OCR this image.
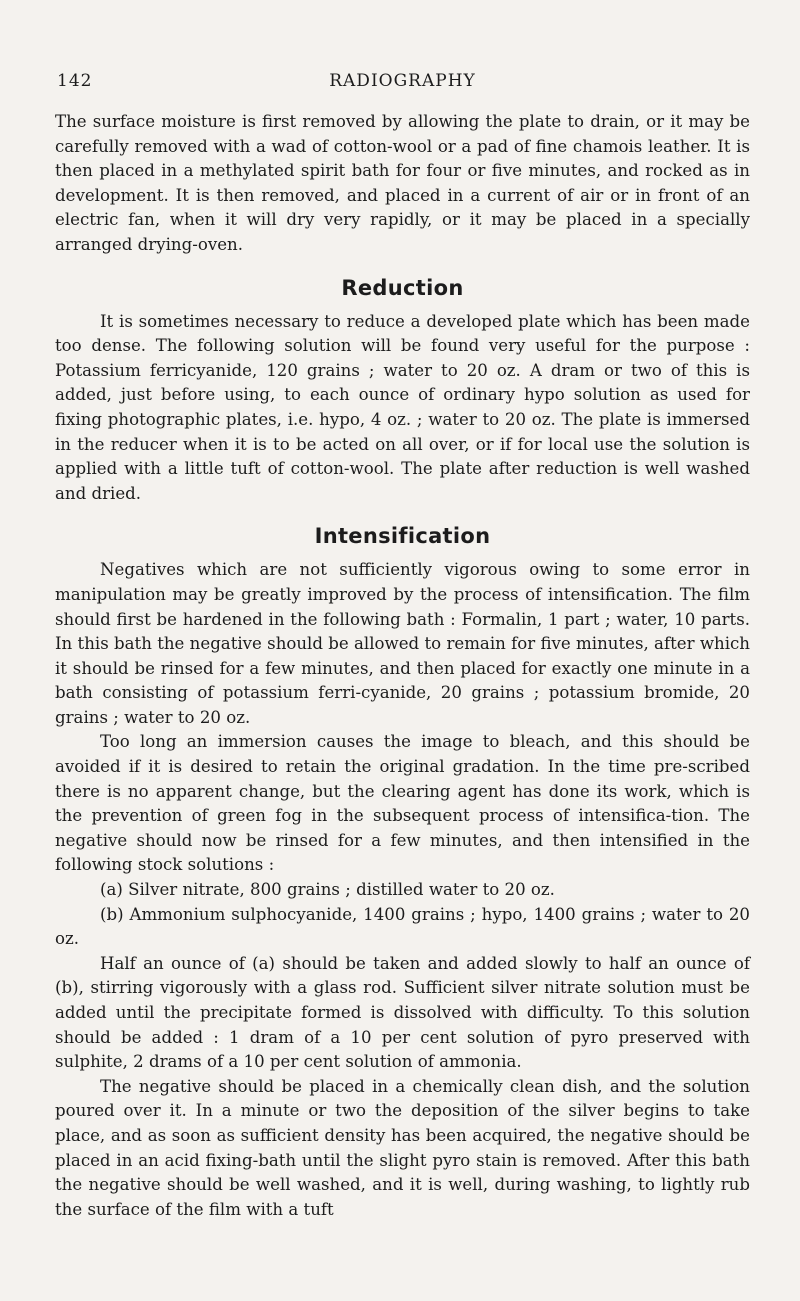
142	RADIOGRAPHY

The surface moisture is first removed by allowing the plate to drain, or it may be carefully removed with a wad of cotton-wool or a pad of fine chamois leather. It is then placed in a methylated spirit bath for four or five minutes, and rocked as in development. It is then removed, and placed in a current of air or in front of an electric fan, when it will dry very rapidly, or it may be placed in a specially arranged drying-oven.

Reduction

It is sometimes necessary to reduce a developed plate which has been made too dense. The following solution will be found very useful for the purpose : Potassium ferricyanide, 120 grains ; water to 20 oz. A dram or two of this is added, just before using, to each ounce of ordinary hypo solution as used for fixing photographic plates, i.e. hypo, 4 oz. ; water to 20 oz. The plate is immersed in the reducer when it is to be acted on all over, or if for local use the solution is applied with a little tuft of cotton-wool. The plate after reduction is well washed and dried.

Intensification

Negatives which are not sufficiently vigorous owing to some error in manipulation may be greatly improved by the process of intensification. The film should first be hardened in the following bath : Formalin, 1 part ; water, 10 parts. In this bath the negative should be allowed to remain for five minutes, after which it should be rinsed for a few minutes, and then placed for exactly one minute in a bath consisting of potassium ferri-cyanide, 20 grains ; potassium bromide, 20 grains ; water to 20 oz.

Too long an immersion causes the image to bleach, and this should be avoided if it is desired to retain the original gradation. In the time pre-scribed there is no apparent change, but the clearing agent has done its work, which is the prevention of green fog in the subsequent process of intensifica-tion. The negative should now be rinsed for a few minutes, and then intensified in the following stock solutions :

(a) Silver nitrate, 800 grains ; distilled water to 20 oz.

(b) Ammonium sulphocyanide, 1400 grains ; hypo, 1400 grains ; water to 20 oz.

Half an ounce of (a) should be taken and added slowly to half an ounce of (b), stirring vigorously with a glass rod. Sufficient silver nitrate solution must be added until the precipitate formed is dissolved with difficulty. To this solution should be added : 1 dram of a 10 per cent solution of pyro preserved with sulphite, 2 drams of a 10 per cent solution of ammonia.

The negative should be placed in a chemically clean dish, and the solution poured over it. In a minute or two the deposition of the silver begins to take place, and as soon as sufficient density has been acquired, the negative should be placed in an acid fixing-bath until the slight pyro stain is removed. After this bath the negative should be well washed, and it is well, during washing, to lightly rub the surface of the film with a tuft
